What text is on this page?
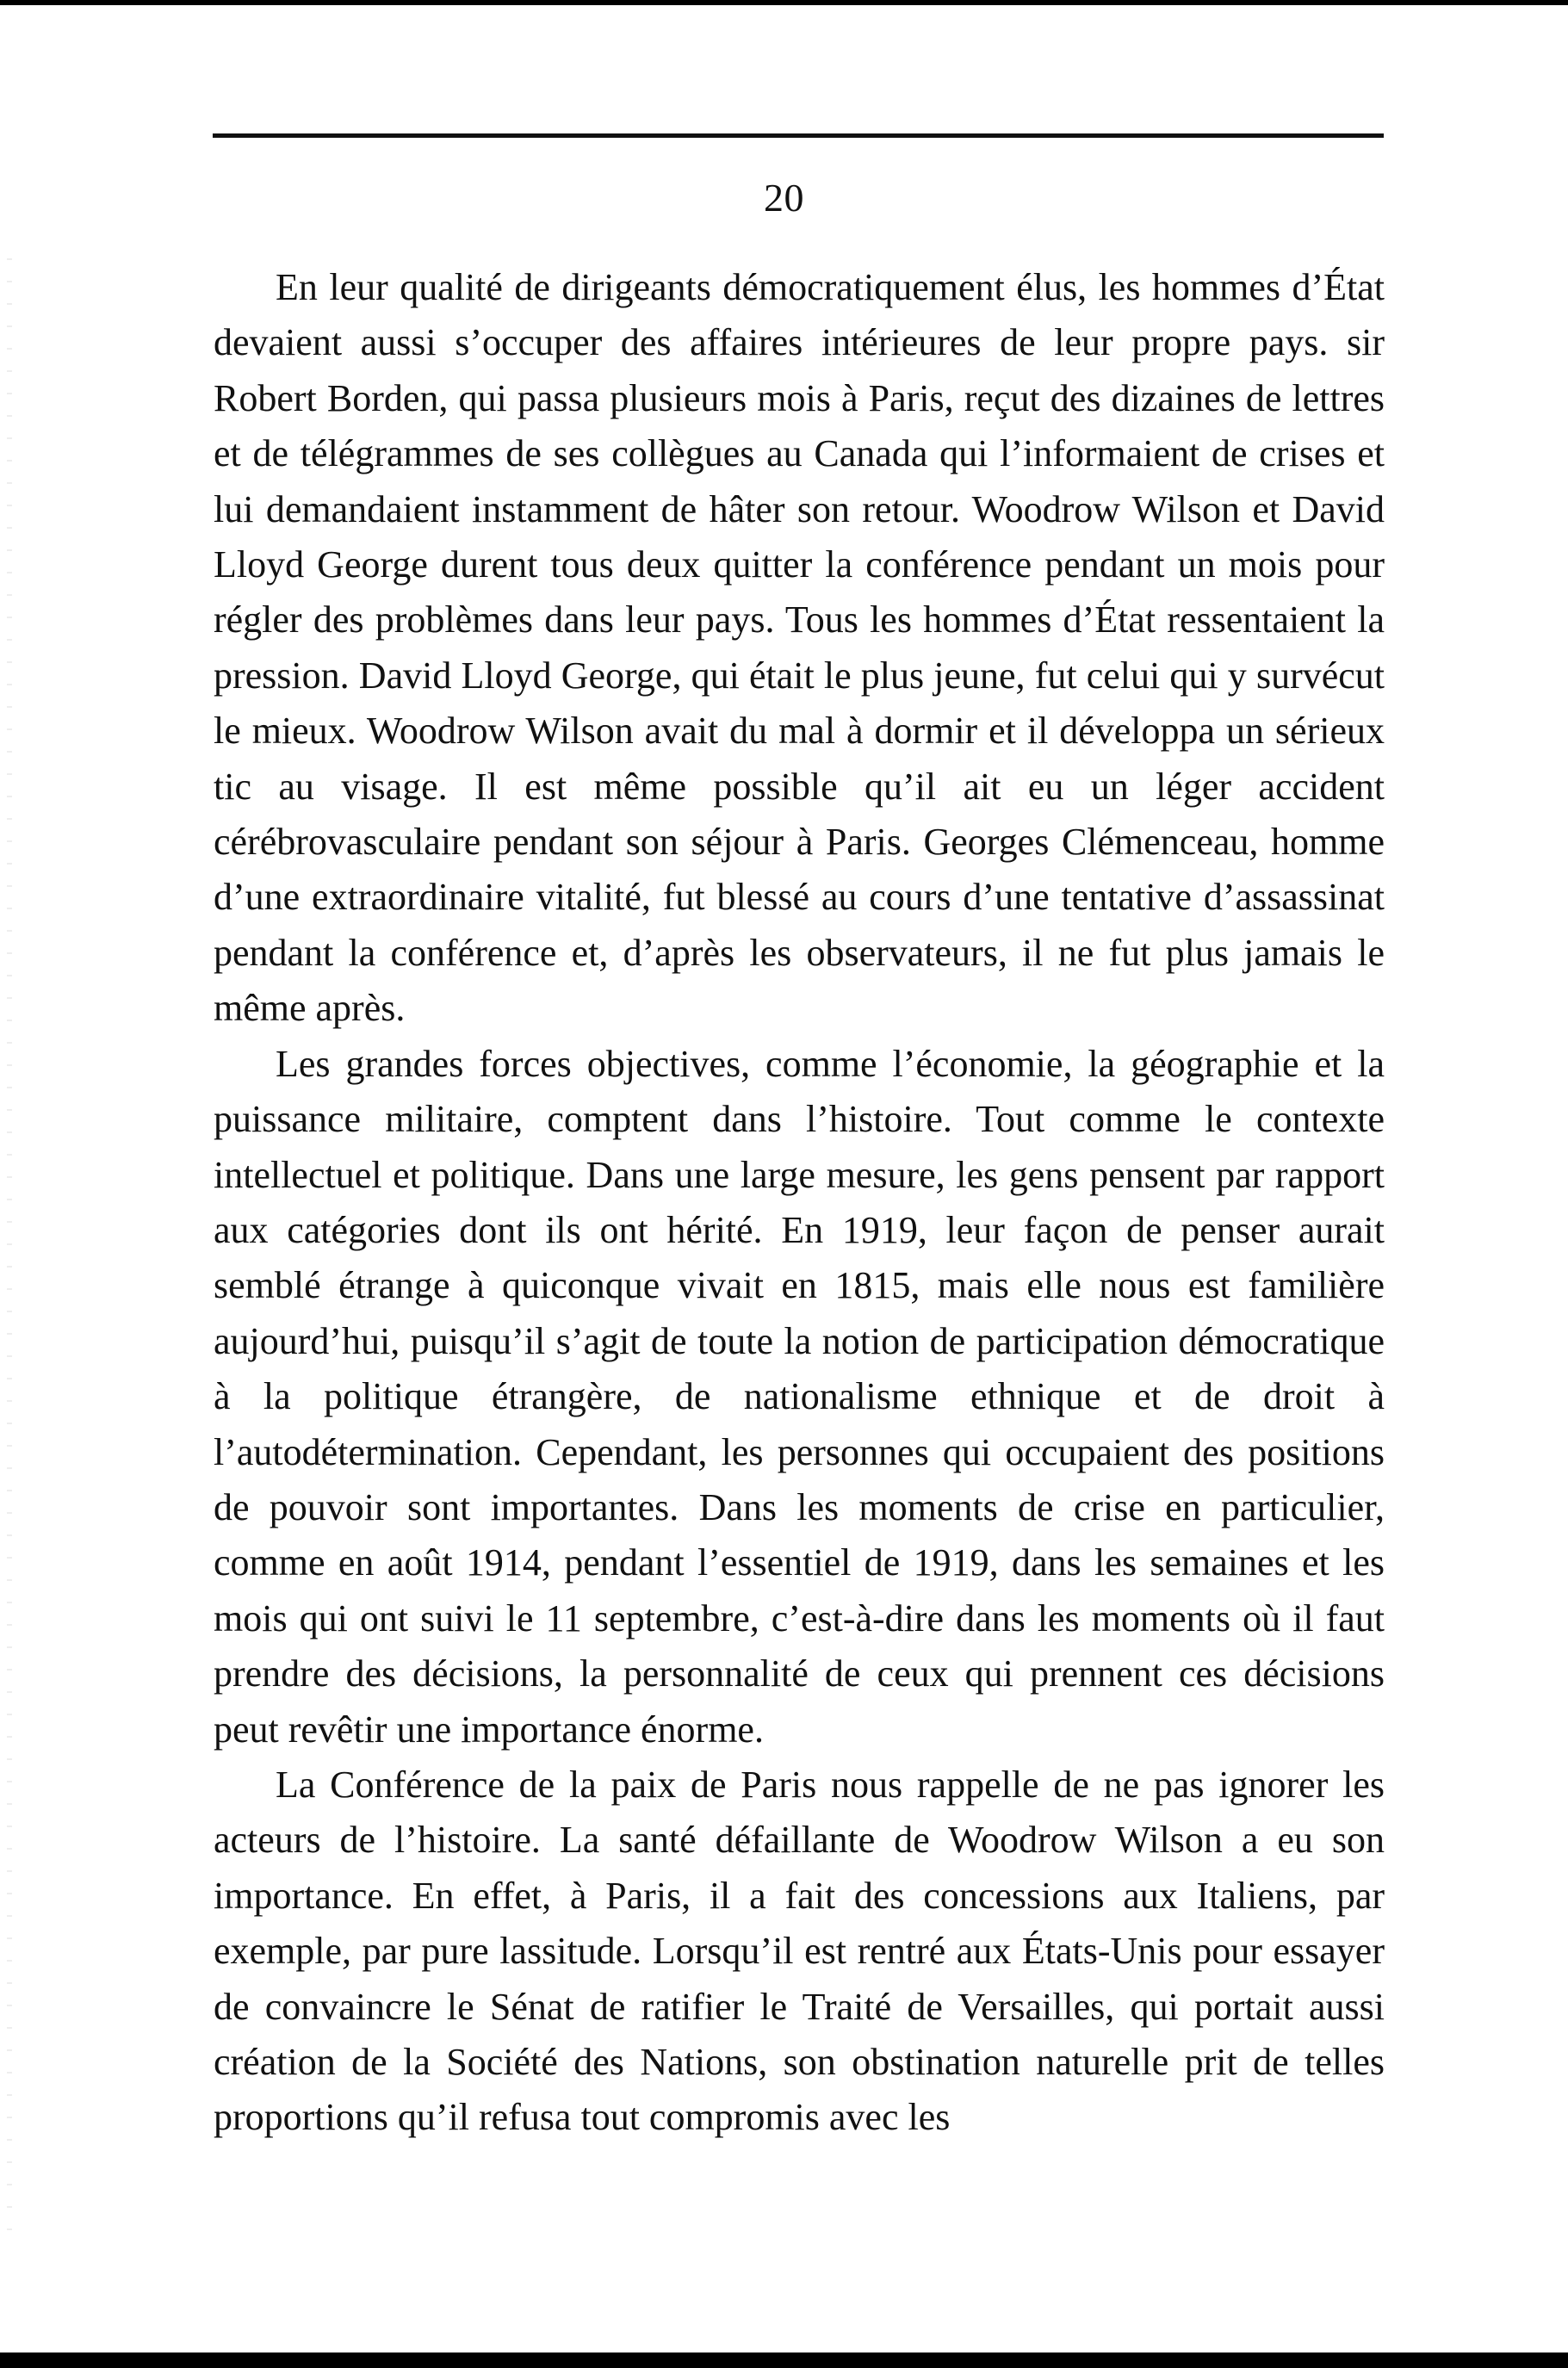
20

En leur qualité de dirigeants démocratiquement élus, les hommes d’État devaient aussi s’occuper des affaires intérieures de leur propre pays. sir Robert Borden, qui passa plusieurs mois à Paris, reçut des dizaines de lettres et de télégrammes de ses collègues au Canada qui l’informaient de crises et lui demandaient instamment de hâter son retour. Woodrow Wilson et David Lloyd George durent tous deux quitter la conférence pendant un mois pour régler des problèmes dans leur pays. Tous les hommes d’État ressentaient la pression. David Lloyd George, qui était le plus jeune, fut celui qui y survécut le mieux. Woodrow Wilson avait du mal à dormir et il développa un sérieux tic au visage. Il est même possible qu’il ait eu un léger accident cérébrovasculaire pendant son séjour à Paris. Georges Clémenceau, homme d’une extraordinaire vitalité, fut blessé au cours d’une tentative d’assassinat pendant la conférence et, d’après les observateurs, il ne fut plus jamais le même après.

Les grandes forces objectives, comme l’économie, la géographie et la puissance militaire, comptent dans l’histoire. Tout comme le contexte intellectuel et politique. Dans une large mesure, les gens pensent par rapport aux catégories dont ils ont hérité. En 1919, leur façon de penser aurait semblé étrange à quiconque vivait en 1815, mais elle nous est familière aujourd’hui, puisqu’il s’agit de toute la notion de participation démocratique à la politique étrangère, de nationalisme ethnique et de droit à l’autodétermination. Cependant, les personnes qui occupaient des positions de pouvoir sont importantes. Dans les moments de crise en particulier, comme en août 1914, pendant l’essentiel de 1919, dans les semaines et les mois qui ont suivi le 11 septembre, c’est-à-dire dans les moments où il faut prendre des décisions, la personnalité de ceux qui prennent ces décisions peut revêtir une importance énorme.

La Conférence de la paix de Paris nous rappelle de ne pas ignorer les acteurs de l’histoire. La santé défaillante de Woodrow Wilson a eu son importance. En effet, à Paris, il a fait des concessions aux Italiens, par exemple, par pure lassitude. Lorsqu’il est rentré aux États-Unis pour essayer de convaincre le Sénat de ratifier le Traité de Versailles, qui portait aussi création de la Société des Nations, son obstination naturelle prit de telles proportions qu’il refusa tout compromis avec les
